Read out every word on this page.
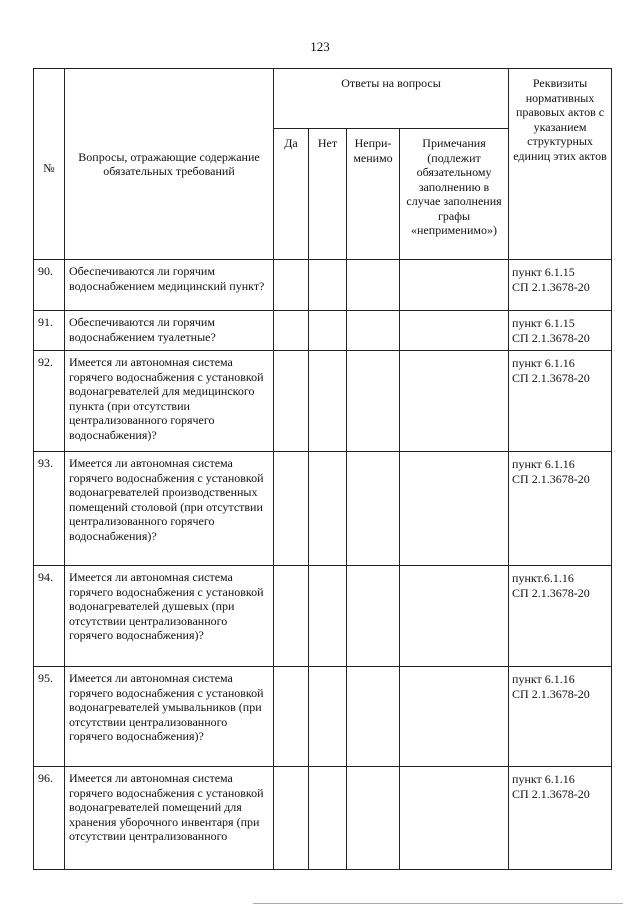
123
№	Вопросы, отражающие содержание обязательных требований	Ответы на вопросы				Реквизиты нормативных правовых актов с указанием структурных единиц этих актов
		Да	Нет	Непри-
менимо	Примечания (подлежит обязательному заполнению в случае заполнения графы «неприменимо»)	
90.	Обеспечиваются ли горячим водоснабжением медицинский пункт?					пункт 6.1.15
СП 2.1.3678-20
91.	Обеспечиваются ли горячим водоснабжением туалетные?					пункт 6.1.15
СП 2.1.3678-20
92.	Имеется ли автономная система горячего водоснабжения с установкой водонагревателей для медицинского пункта (при отсутствии централизованного горячего водоснабжения)?					пункт 6.1.16
СП 2.1.3678-20
93.	Имеется ли автономная система горячего водоснабжения с установкой водонагревателей производственных помещений столовой (при отсутствии централизованного горячего водоснабжения)?					пункт 6.1.16
СП 2.1.3678-20
94.	Имеется ли автономная система горячего водоснабжения с установкой водонагревателей душевых (при отсутствии централизованного горячего водоснабжения)?					пункт.6.1.16
СП 2.1.3678-20
95.	Имеется ли автономная система горячего водоснабжения с установкой водонагревателей умывальников (при отсутствии централизованного горячего водоснабжения)?					пункт 6.1.16
СП 2.1.3678-20
96.	Имеется ли автономная система горячего водоснабжения с установкой водонагревателей помещений для хранения уборочного инвентаря (при отсутствии централизованного					пункт 6.1.16
СП 2.1.3678-20
